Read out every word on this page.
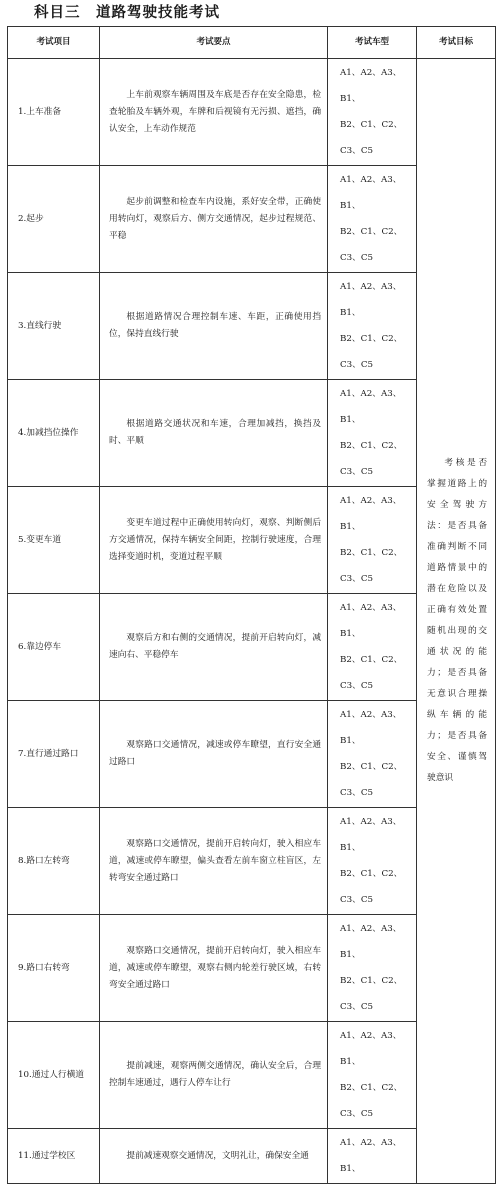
科目三　道路驾驶技能考试
考试项目	考试要点	考试车型	考试目标
1.上车准备	上车前观察车辆周围及车底是否存在安全隐患，检查轮胎及车辆外观，车牌和后视镜有无污损、遮挡，确认安全，上车动作规范	A1、A2、A3、B1、
B2、C1、C2、C3、C5	考核是否掌握道路上的安全驾驶方法：是否具备准确判断不同道路情景中的潜在危险以及正确有效处置随机出现的交通状况的能力；是否具备无意识合理操纵车辆的能力；是否具备安全、谨慎驾驶意识
2.起步	起步前调整和检查车内设施，系好安全带，正确使用转向灯，观察后方、侧方交通情况，起步过程规范、平稳	A1、A2、A3、B1、
B2、C1、C2、C3、C5	

3.直线行驶	根据道路情况合理控制车速、车距，正确使用挡位，保持直线行驶	A1、A2、A3、B1、
B2、C1、C2、C3、C5	

4.加减挡位操作	根据道路交通状况和车速，合理加减挡，换挡及时、平顺	A1、A2、A3、B1、
B2、C1、C2、C3、C5	

5.变更车道	变更车道过程中正确使用转向灯，观察、判断侧后方交通情况，保持车辆安全间距，控制行驶速度，合理选择变道时机，变道过程平顺	A1、A2、A3、B1、
B2、C1、C2、C3、C5	

6.靠边停车	观察后方和右侧的交通情况，提前开启转向灯，减速向右、平稳停车	A1、A2、A3、B1、
B2、C1、C2、C3、C5	

7.直行通过路口	观察路口交通情况，减速或停车瞭望，直行安全通过路口	A1、A2、A3、B1、
B2、C1、C2、C3、C5	

8.路口左转弯	观察路口交通情况，提前开启转向灯，驶入相应车道，减速或停车瞭望，偏头查看左前车窗立柱盲区，左转弯安全通过路口	A1、A2、A3、B1、
B2、C1、C2、C3、C5	

9.路口右转弯	观察路口交通情况，提前开启转向灯，驶入相应车道，减速或停车瞭望，观察右侧内轮差行驶区域，右转弯安全通过路口	A1、A2、A3、B1、
B2、C1、C2、C3、C5	

10.通过人行横道	提前减速，观察两侧交通情况，确认安全后，合理控制车速通过，遇行人停车让行	A1、A2、A3、B1、
B2、C1、C2、C3、C5	

11.通过学校区	提前减速观察交通情况，文明礼让，确保安全通	A1、A2、A3、B1、	
